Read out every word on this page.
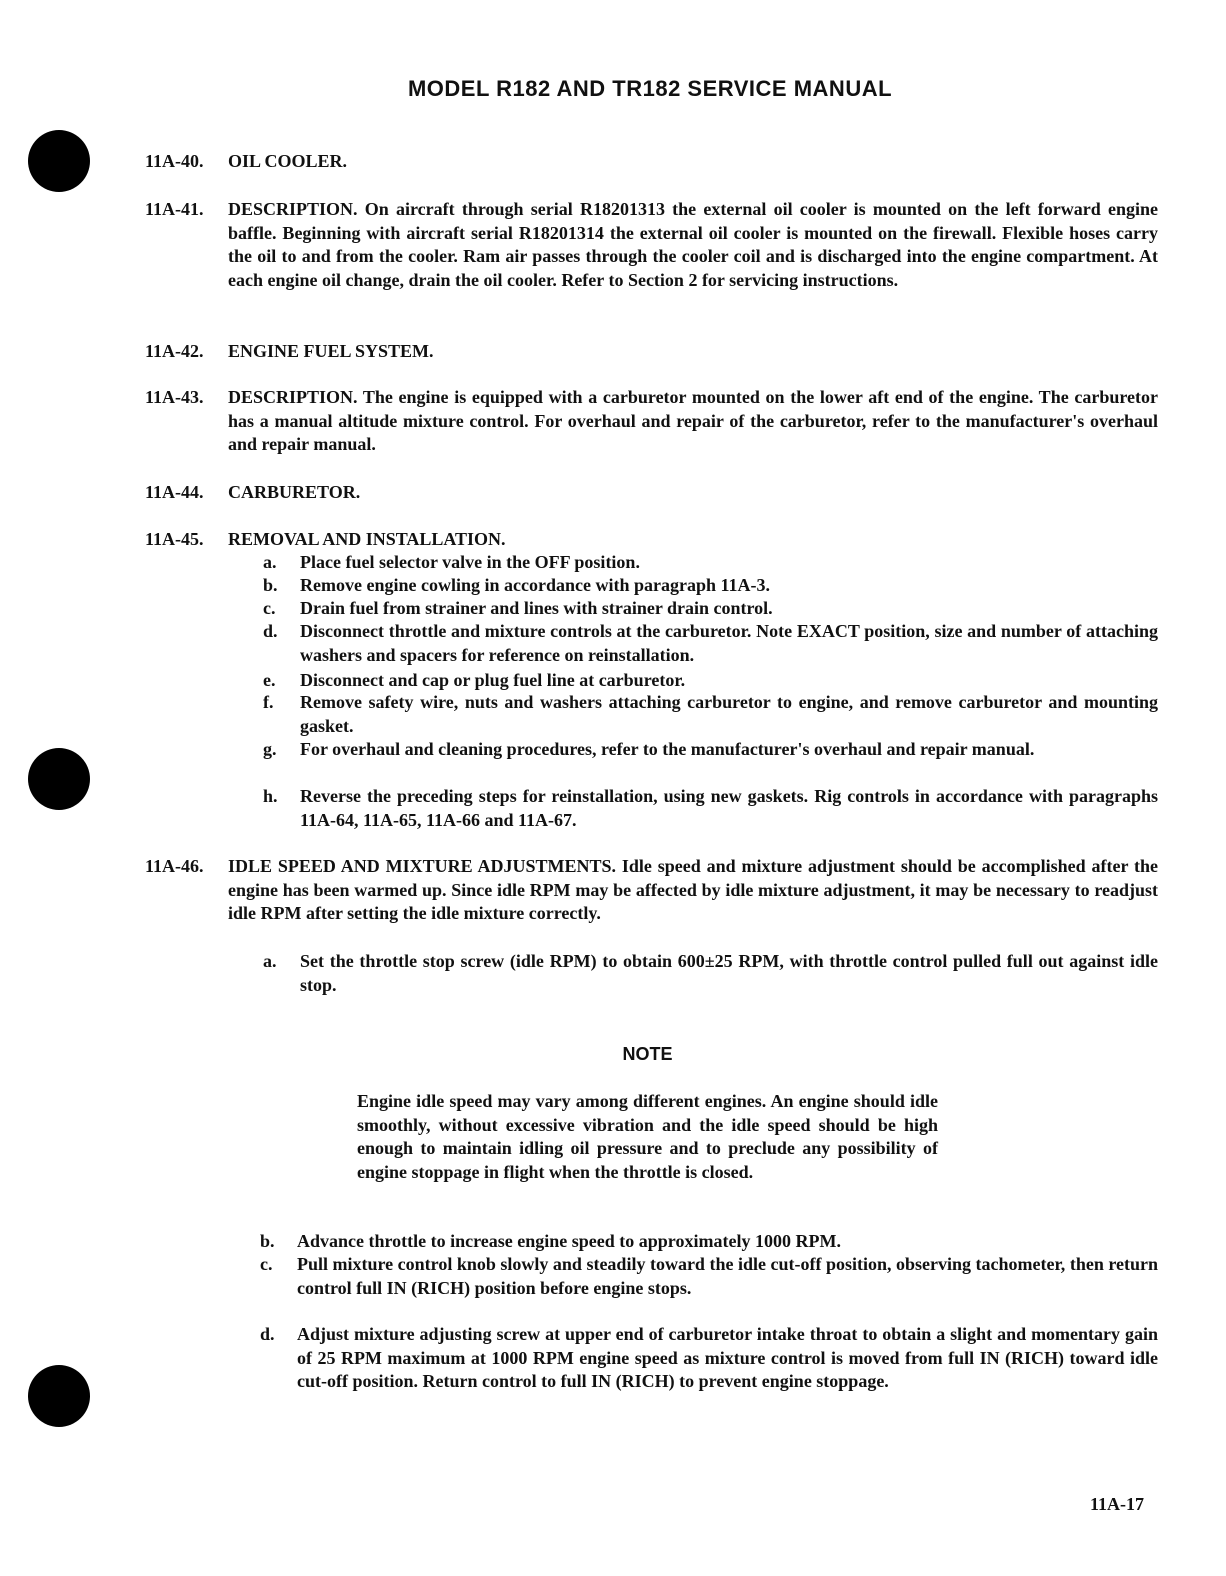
MODEL R182 AND TR182 SERVICE MANUAL
11A-40. OIL COOLER.
11A-41. DESCRIPTION. On aircraft through serial R18201313 the external oil cooler is mounted on the left forward engine baffle. Beginning with aircraft serial R18201314 the external oil cooler is mounted on the firewall. Flexible hoses carry the oil to and from the cooler. Ram air passes through the cooler coil and is discharged into the engine compartment. At each engine oil change, drain the oil cooler. Refer to Section 2 for servicing instructions.
11A-42. ENGINE FUEL SYSTEM.
11A-43. DESCRIPTION. The engine is equipped with a carburetor mounted on the lower aft end of the engine. The carburetor has a manual altitude mixture control. For overhaul and repair of the carburetor, refer to the manufacturer's overhaul and repair manual.
11A-44. CARBURETOR.
11A-45. REMOVAL AND INSTALLATION.
a. Place fuel selector valve in the OFF position.
b. Remove engine cowling in accordance with paragraph 11A-3.
c. Drain fuel from strainer and lines with strainer drain control.
d. Disconnect throttle and mixture controls at the carburetor. Note EXACT position, size and number of attaching washers and spacers for reference on reinstallation.
e. Disconnect and cap or plug fuel line at carburetor.
f. Remove safety wire, nuts and washers attaching carburetor to engine, and remove carburetor and mounting gasket.
g. For overhaul and cleaning procedures, refer to the manufacturer's overhaul and repair manual.
h. Reverse the preceding steps for reinstallation, using new gaskets. Rig controls in accordance with paragraphs 11A-64, 11A-65, 11A-66 and 11A-67.
11A-46. IDLE SPEED AND MIXTURE ADJUSTMENTS. Idle speed and mixture adjustment should be accomplished after the engine has been warmed up. Since idle RPM may be affected by idle mixture adjustment, it may be necessary to readjust idle RPM after setting the idle mixture correctly.
a. Set the throttle stop screw (idle RPM) to obtain 600±25 RPM, with throttle control pulled full out against idle stop.
NOTE
Engine idle speed may vary among different engines. An engine should idle smoothly, without excessive vibration and the idle speed should be high enough to maintain idling oil pressure and to preclude any possibility of engine stoppage in flight when the throttle is closed.
b. Advance throttle to increase engine speed to approximately 1000 RPM.
c. Pull mixture control knob slowly and steadily toward the idle cut-off position, observing tachometer, then return control full IN (RICH) position before engine stops.
d. Adjust mixture adjusting screw at upper end of carburetor intake throat to obtain a slight and momentary gain of 25 RPM maximum at 1000 RPM engine speed as mixture control is moved from full IN (RICH) toward idle cut-off position. Return control to full IN (RICH) to prevent engine stoppage.
11A-17
